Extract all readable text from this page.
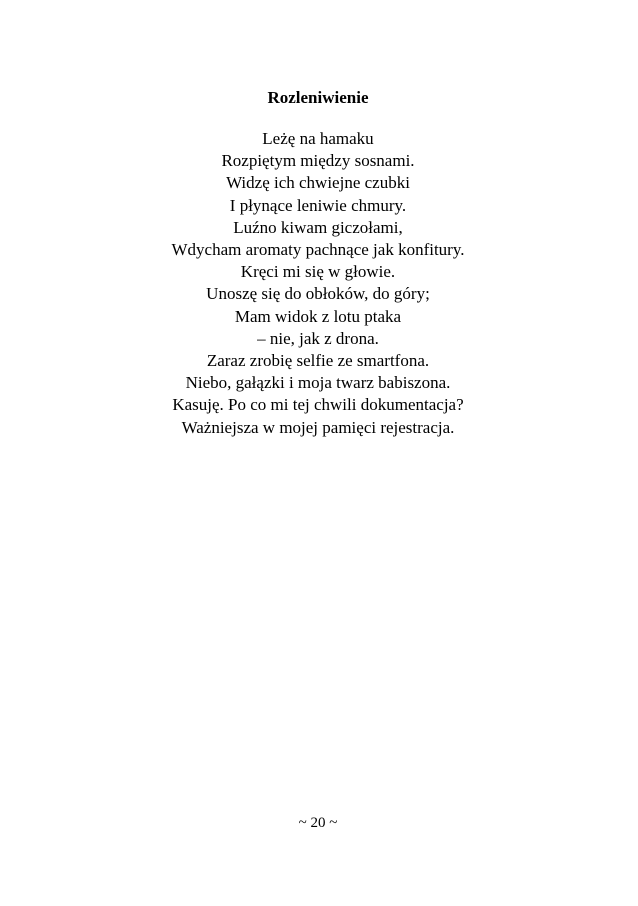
Rozleniwienie
Leżę na hamaku
Rozpiętym między sosnami.
Widzę ich chwiejne czubki
I płynące leniwie chmury.
Luźno kiwam giczołami,
Wdycham aromaty pachnące jak konfitury.
Kręci mi się w głowie.
Unoszę się do obłoków, do góry;
Mam widok z lotu ptaka
– nie, jak z drona.
Zaraz zrobię selfie ze smartfona.
Niebo, gałązki i moja twarz babiszona.
Kasuję. Po co mi tej chwili dokumentacja?
Ważniejsza w mojej pamięci rejestracja.
~ 20 ~
